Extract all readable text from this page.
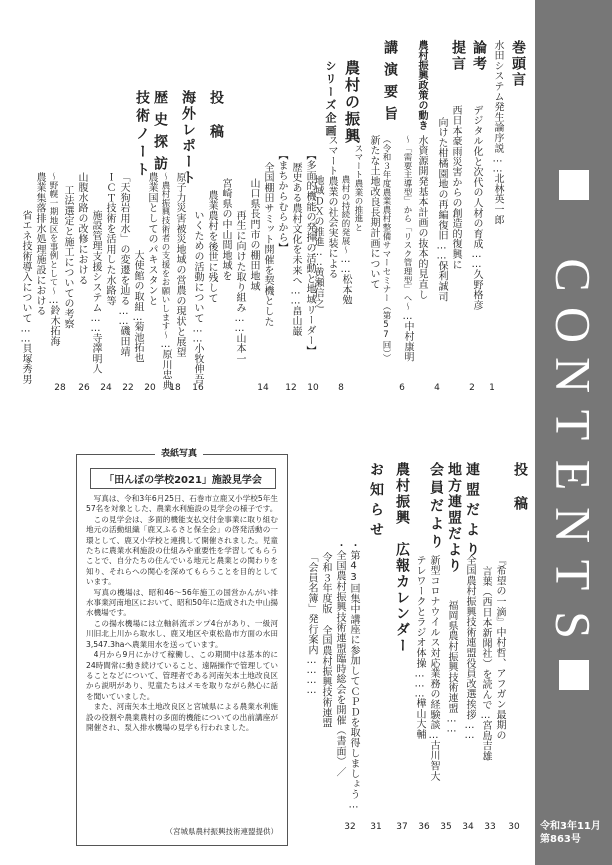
巻頭言
水田システム発生論序説……北林英一郎
1
論考
デジタル化と次代の人材の育成……久野格彦
2
提言
西日本豪雨災害からの創造的復興に
向けた柑橘園地の再編復旧……保利誠司
4
農村振興政策の動き
水資源開発基本計画の抜本的見直し
〜「需要主導型」から「リスク管理型」へ〜…中村康明
6
講演要旨
（令和３年度農業農村整備サマーセミナー（第57回））
新たな土地改良長期計画について
〜スマート農業の推進と
農村の持続的発展〜……松本勉
8
スマート農業の社会実装による
地域ＤＸの推進……黄瀬信之
10
農村の振興
シリーズ企画
【多面的機能の発揮の活動と地域リーダー】
歴史ある農村文化を未来へ……畠山巌
12
【まちからむらから】
全国棚田サミット開催を契機とした
山口県長門市の棚田地域
再生に向けた取り組み……山本一
14
宮崎県の中山間地域を
農業農村を後世に残して
いくための活動について……小牧伸吾
16
投稿
原子力災害被災地域の営農の現状と展望
〜農村振興技術者の支援をお願いします〜…原川忠典
18
海外レポート
農業国としてのパキスタンと
大使館の取組…菊池拓也
20
歴史探訪
「天狗岩用水」の変遷を辿る……磯田靖
22
技術ノート
ＩＣＴ技術を活用した水路等
施設管理支援システム……寺澤明人
24
山腹水路の改修における
工法選定と施工についての考察
〜野幌一期地区を事例として〜…鈴木拓海
26
農業集落排水処理施設における
省エネ技術導入について……貝塚秀男
28
投稿
『希望の一滴』中村哲、アフガン最期の
言葉（西日本新聞社）を読んで…宮島吉雄
30
連盟だより
全国農村振興技術連盟役員改選挨拶……
33
地方連盟だより
福岡県農村振興技術連盟……
34
会員だより
新型コロナウイルス対応業務の経験談…古川智大
35
テレワークとラジオ体操………樺山大輔
36
農村振興　広報カレンダー
37
お知らせ
・第43回集中講座に参加してＣＰＤを取得しましょう…
31
・全国農村振興技術連盟臨時総会を開催（書面）／
令和３年度版 全国農村振興技術連盟
「会員名簿」発行案内…………
32
表紙写真
「田んぼの学校2021」施設見学会

写真は、令和3年6月25日、石巻市立鹿又小学校5年生57名を対象とした、農業水利施設の見学会の様子です。

この見学会は、多面的機能支払交付金事業に取り組む地元の活動組織「鹿又ふるさと保全会」の啓発活動の一環として、鹿又小学校と連携して開催されました。児童たちに農業水利施設の仕組みや重要性を学習してもらうことで、自分たちの住んでいる地元と農業との関わりを知り、それらへの関心を深めてもらうことを目的としています。

写真の機場は、昭和46〜56年施工の国営かんがい排水事業河南地区において、昭和50年に造成された中山揚水機場です。

この揚水機場には立軸斜流ポンプ4台があり、一級河川旧北上川から取水し、鹿又地区や東松島市方面の水田3,547.3haへ農業用水を送っています。

4月から9月にかけて稼働し、この期間中は基本的に24時間常に動き続けていること、遠隔操作で管理していることなどについて、管理者である河南矢本土地改良区から説明があり、児童たちはメモを取りながら熱心に話を聞いていました。

また、河南矢本土地改良区と宮城県による農業水利施設の役割や農業農村の多面的機能についての出前講座が開催され、泵入排水機場の見学も行われました。

（宮城県農村振興技術連盟提供）
C
O
N
T
E
N
T
S
令和3年11月
第863号
